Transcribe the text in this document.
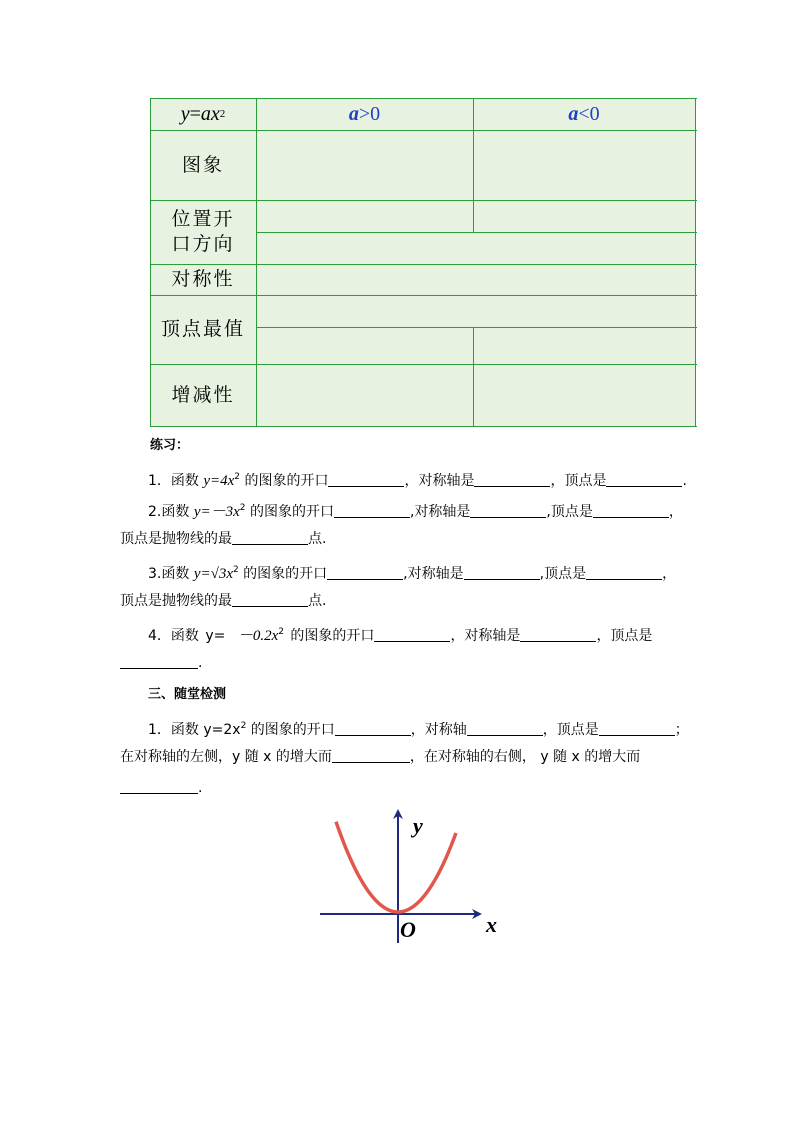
y = ax 2	a >0	a <0
图象
位置开
口方向
对称性
顶点最值
增减性
练习：
1．函数 $y=4x^2$ 的图象的开口	，对称轴是	，顶点是	.
2.函数 $y=-3x^2$ 的图象的开口	,对称轴是	,顶点是	，
顶点是抛物线的最	点.
3.函数 $y=√3x^2$ 的图象的开口	,对称轴是	,顶点是	，
顶点是抛物线的最	点.
4．函数 $y= -0.2x^2$ 的图象的开口	，对称轴是	，顶点是
.
三、随堂检测
1．函数 $y=2x^2$ 的图象的开口	，对称轴	，顶点是	；
在对称轴的左侧，y 随 x 的增大而	，在对称轴的右侧， y 随 x 的增大而
.
y
x
O
